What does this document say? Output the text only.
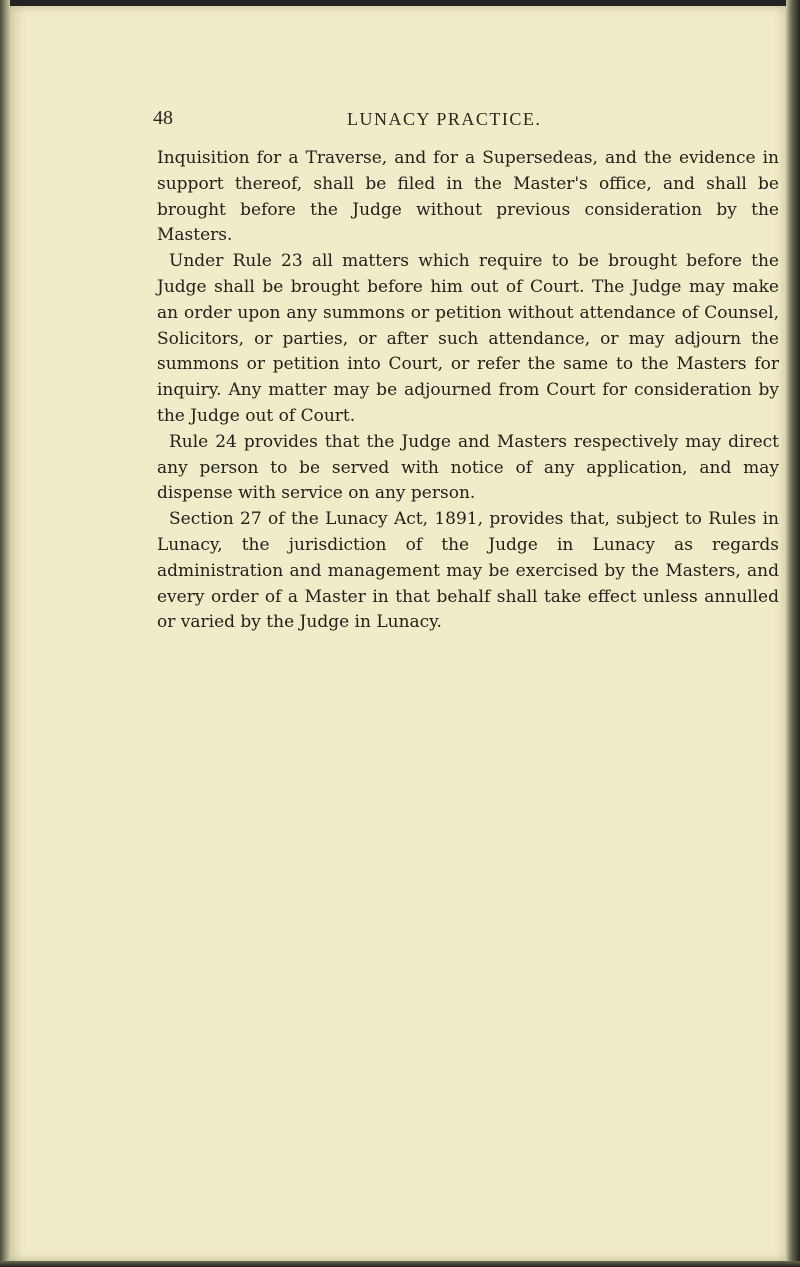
48	LUNACY PRACTICE.

Inquisition for a Traverse, and for a Supersedeas, and the evidence in support thereof, shall be filed in the Master's office, and shall be brought before the Judge without previous consideration by the Masters.

Under Rule 23 all matters which require to be brought before the Judge shall be brought before him out of Court. The Judge may make an order upon any summons or petition without attendance of Counsel, Solicitors, or parties, or after such attendance, or may adjourn the summons or petition into Court, or refer the same to the Masters for inquiry. Any matter may be adjourned from Court for consideration by the Judge out of Court.

Rule 24 provides that the Judge and Masters respectively may direct any person to be served with notice of any application, and may dispense with service on any person.

Section 27 of the Lunacy Act, 1891, provides that, subject to Rules in Lunacy, the jurisdiction of the Judge in Lunacy as regards administration and management may be exercised by the Masters, and every order of a Master in that behalf shall take effect unless annulled or varied by the Judge in Lunacy.
